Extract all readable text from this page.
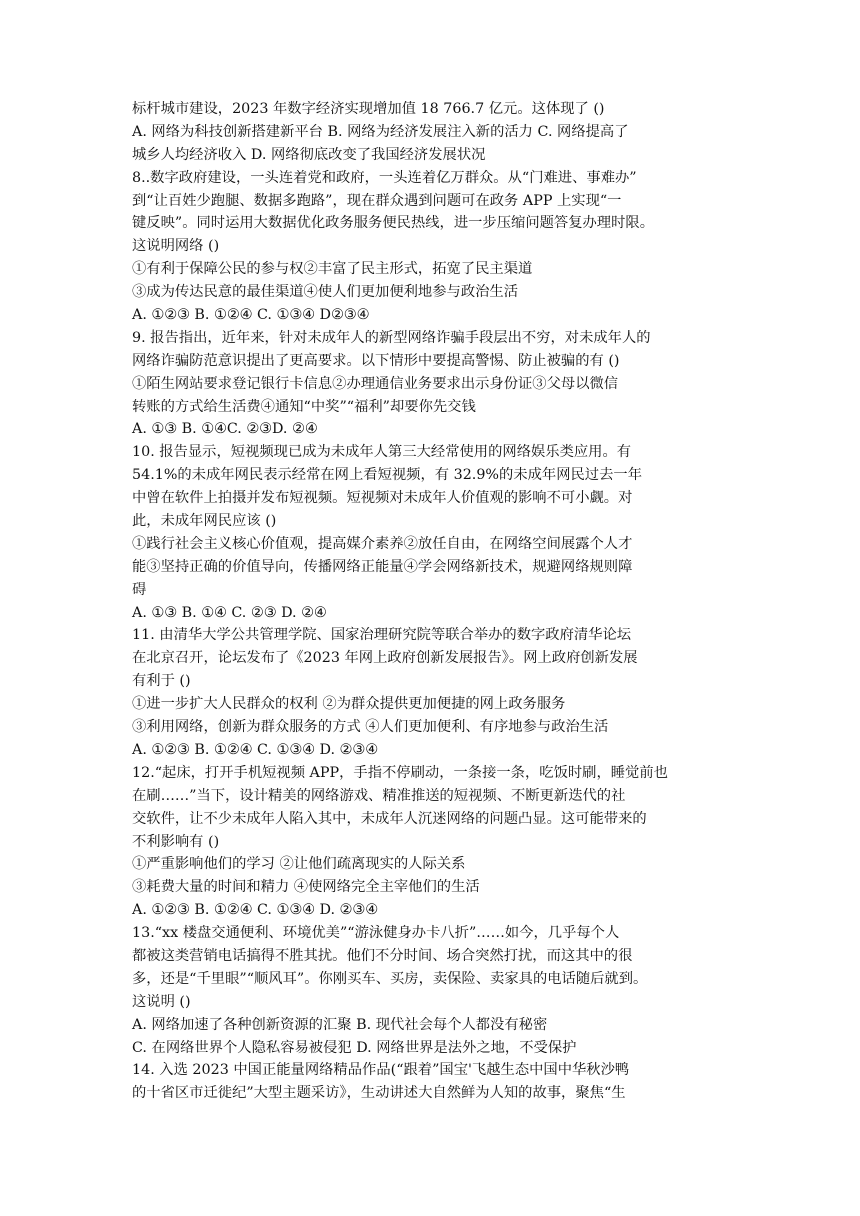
标杆城市建设，2023 年数字经济实现增加值 18 766.7 亿元。这体现了 ()
A. 网络为科技创新搭建新平台 B. 网络为经济发展注入新的活力 C. 网络提高了
城乡人均经济收入 D. 网络彻底改变了我国经济发展状况
8..数字政府建设，一头连着党和政府，一头连着亿万群众。从“门难进、事难办”
到“让百姓少跑腿、数据多跑路”，现在群众遇到问题可在政务 APP 上实现“一
键反映”。同时运用大数据优化政务服务便民热线，进一步压缩问题答复办理时限。
这说明网络 ()
①有利于保障公民的参与权②丰富了民主形式，拓宽了民主渠道
③成为传达民意的最佳渠道④使人们更加便利地参与政治生活
A. ①②③ B. ①②④ C. ①③④ D②③④
9. 报告指出，近年来，针对未成年人的新型网络诈骗手段层出不穷，对未成年人的
网络诈骗防范意识提出了更高要求。以下情形中要提高警惕、防止被骗的有 ()
①陌生网站要求登记银行卡信息②办理通信业务要求出示身份证③父母以微信
转账的方式给生活费④通知“中奖”“福利”却要你先交钱
A. ①③ B. ①④C. ②③D. ②④
10. 报告显示，短视频现已成为未成年人第三大经常使用的网络娱乐类应用。有
54.1%的未成年网民表示经常在网上看短视频，有 32.9%的未成年网民过去一年
中曾在软件上拍摄并发布短视频。短视频对未成年人价值观的影响不可小觑。对
此，未成年网民应该 ()
①践行社会主义核心价值观，提高媒介素养②放任自由，在网络空间展露个人才
能③坚持正确的价值导向，传播网络正能量④学会网络新技术，规避网络规则障
碍
A. ①③ B. ①④ C. ②③ D. ②④
11. 由清华大学公共管理学院、国家治理研究院等联合举办的数字政府清华论坛
在北京召开，论坛发布了《2023 年网上政府创新发展报告》。网上政府创新发展
有利于 ()
①进一步扩大人民群众的权利 ②为群众提供更加便捷的网上政务服务
③利用网络，创新为群众服务的方式 ④人们更加便利、有序地参与政治生活
A. ①②③ B. ①②④ C. ①③④ D. ②③④
12.“起床，打开手机短视频 APP，手指不停刷动，一条接一条，吃饭时刷，睡觉前也
在刷……”当下，设计精美的网络游戏、精准推送的短视频、不断更新迭代的社
交软件，让不少未成年人陷入其中，未成年人沉迷网络的问题凸显。这可能带来的
不利影响有 ()
①严重影响他们的学习 ②让他们疏离现实的人际关系
③耗费大量的时间和精力 ④使网络完全主宰他们的生活
A. ①②③ B. ①②④ C. ①③④ D. ②③④
13.“xx 楼盘交通便利、环境优美”“游泳健身办卡八折”……如今，几乎每个人
都被这类营销电话搞得不胜其扰。他们不分时间、场合突然打扰，而这其中的很
多，还是“千里眼”“顺风耳”。你刚买车、买房，卖保险、卖家具的电话随后就到。
这说明 ()
A. 网络加速了各种创新资源的汇聚 B. 现代社会每个人都没有秘密
C. 在网络世界个人隐私容易被侵犯 D. 网络世界是法外之地，不受保护
14. 入选 2023 中国正能量网络精品作品(“跟着”国宝'飞越生态中国中华秋沙鸭
的十省区市迁徙纪”大型主题采访》，生动讲述大自然鲜为人知的故事，聚焦“生
